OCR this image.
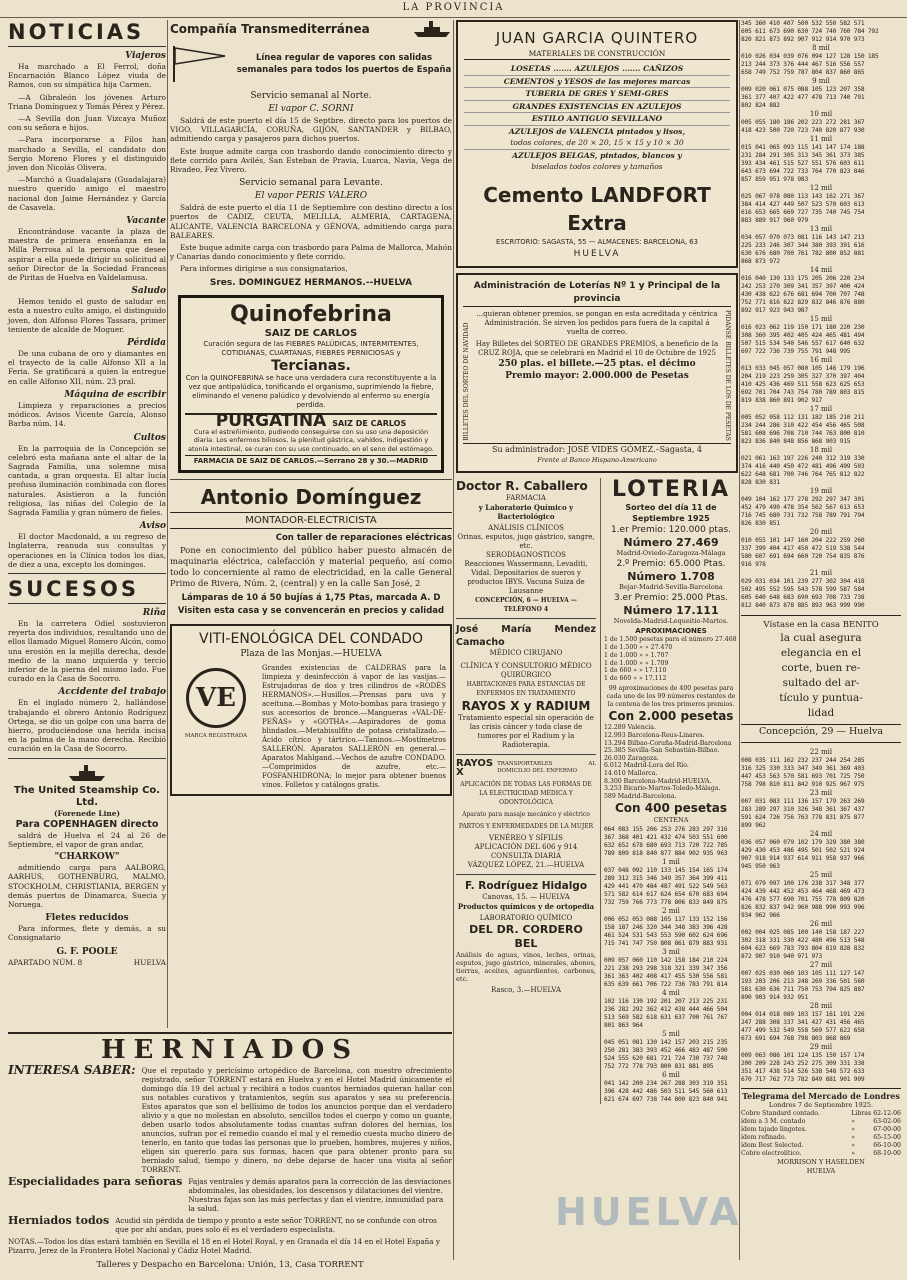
LA PROVINCIA
NOTICIAS
Viajeros
Ha marchado a El Ferrol, doña Encarnación Blanco López viuda de Ramos, con su simpática hija Carmen.
—A Gibraleón los jóvenes Arturo Triana Domínguez y Tomás Pérez y Pérez.
—A Sevilla don Juan Vizcaya Muñoz con su señora e hijos.
—Para incorporarse a Filos han marchado a Sevilla, el candidato don Sergio Moreno Flores y el distinguido joven don Nicolás Olivera.
—Marchó a Guadalajara (Guadalajara) nuestro querido amigo el maestro nacional don Jaime Hernández y García de Casavela.
Vacante
Encontrándose vacante la plaza de maestra de primera enseñanza en la Milla Perrosa al la persona que desee aspirar a ella puede dirigir su solicitud al señor Director de la Sociedad Franceas de Piritas de Huelva en Valdelamusa.
Saludo
Hemos tenido el gusto de saludar en esta a nuestro culto amigo, el distinguido joven, don Alfonso Flores Tassara, primer teniente de alcalde de Moguer.
Pérdida
De una cubana de oro y diamantes en el trayecto de la calle Alfonso XII a la Feria. Se gratificará a quien la entregue en calle Alfonso XII, núm. 23 pral.
Máquina de escribir
Limpieza y reparaciones a precios módicos. Avisos Vicente García, Alonso Barba núm. 14.
Cultos
En la parroquia de la Concepción se celebró esta mañana ante el altar de la Sagrada Familia, una solemne misa cantada, a gran orquesta. El altar lucía profusa iluminación combinada con flores naturales. Asistieron a la función religiosa, las niñas del Colegio de la Sagrada Familia y gran número de fieles.
Aviso
El doctor Macdonald, a su regreso de Inglaterra, reanuda sus consultas y operaciones en la Clínica todos los días, de diez a una, excepto los domingos.
SUCESOS
Riña
En la carretera Odiel sostuvieron reyerta dos individuos, resultando uno de ellos llamado Miguel Romero Alcón, como una erosión en la mejilla derecha, desde medio de la mano izquierda y tercio inferior de la pierna del mismo lado. Fue curado en la Casa de Socorro.
Accidente del trabajo
En el inglado número 2, hallándose trabajando el obrero Antonio Rodríguez Ortega, se dio un golpe con una barra de hierro, produciéndose una herida incisa en la palma de la mano derecha. Recibió curación en la Casa de Socorro.
The United Steamship Co. Ltd.
(Forenede Line)
Para COPENHAGEN directo
saldrá de Huelva el 24 al 26 de Septiembre, el vapor de gran andar,
"CHARKOW"
admitiendo carga para AALBORG, AARHUS, GOTHENBURG, MALMO, STOCKHOLM, CHRISTIANIA, BERGEN y demás puertos de Dinamarca, Suecia y Noruega.
Fletes reducidos
Para informes, flete y demás, a su Consignatario
G. F. POOLE
APARTADO NÚM. 8	HUELVA
Compañía Transmediterránea
Línea regular de vapores con salidas semanales para todos los puertos de España
Servicio semanal al Norte.
El vapor C. SORNI
Saldrá de este puerto el día 15 de Septbre. directo para los puertos de VIGO, VILLAGARCÍA, CORUÑA, GIJÓN, SANTANDER y BILBAO, admitiendo carga y pasajeros para dichos puertos.
Este buque admite carga con trasbordo dando conocimiento directo y flete corrido para Avilés, San Esteban de Pravia, Luarca, Navia, Vega de Rivadeo, Fez Vivero.
Servicio semanal para Levante.
El vapor PERIS VALERO
Saldrá de este puerto el día 11 de Septiembre con destino directo a los puertos de CADIZ, CEUTA, MELILLA, ALMERIA, CARTAGENA, ALICANTE, VALENCIA BARCELONA y GÉNOVA, admitiendo carga para BALEARES.
Este buque admite carga con trasbordo para Palma de Mallorca, Mahón y Canarias dando conocimiento y flete corrido.
Para informes dirigirse a sus consignatarios,
Sres. DOMINGUEZ HERMANOS.--HUELVA
Quinofebrina
SAIZ DE CARLOS
Curación segura de las FIEBRES PALÚDICAS, INTERMITENTES, COTIDIANAS, CUARTANAS, FIEBRES PERNICIOSAS y
Tercianas.
Con la QUINOFEBRINA se hace una verdadera cura reconstituyente a la vez que antipalúdica, tonificando el organismo, suprimiendo la fiebre, eliminando el veneno palúdico y devolviendo al enfermo su energía perdida.
PURGATINA SAIZ DE CARLOS
Cura el estreñimiento, pudiendo conseguirse con su uso una deposición diaria. Los enfermos biliosos, la plenitud gástrica, vahídos, indigestión y atonía intestinal, se curan con su uso continuado, en el seno del estómago.
FARMACIA DE SAIZ DE CARLOS.—Serrano 28 y 30.—MADRID
Antonio Domínguez
MONTADOR-ELECTRICISTA
Con taller de reparaciones eléctricas
Pone en conocimiento del público haber puesto almacén de maquinaria eléctrica, calefacción y material pequeño, así como todo lo concerniente al ramo de electricidad, en la calle General Primo de Rivera, Núm. 2, (central) y en la calle San José, 2
Lámparas de 10 á 50 bujías á 1,75 Ptas, marcada A. D
Visiten esta casa y se convencerán en precios y calidad
VITI-ENOLÓGICA DEL CONDADO
Plaza de las Monjas.—HUELVA
VE
MARCA REGISTRADA
Grandes existencias de CALDERAS para la limpieza y desinfección á vapor de las vasijas.—Estrujadoras de dos y tres cilindros de «RODÉS HERMANOS».—Husillos.—Prensas para uva y aceituna.—Bombas y Moto-bombas para trasiego y sus accesorios de bronce.—Mangueras «VAL-DE-PEÑAS» y «GOTHA».—Aspiradores de goma blindados.—Metabisulfito de potasa cristalizado.—Ácido cítrico y tártrico.—Taninos.—Mostímetros SALLERÓN. Aparatos SALLERÓN en general.—Aparatos Mahlgand.—Vechos de azufre CONDADO.—Comprimidos de azufre, etc.—FOSFANHIDRONA; lo mejor para obtener buenos vinos. Folletos y catálogos gratis.
HERNIADOS
INTERESA SABER: Que el reputado y pericísimo ortopédico de Barcelona, con nuestro ofrecimiento registrado, señor TORRENT estará en Huelva y en el Hotel Madrid únicamente el domingo día 19 del actual y recibirá a todos cuantos herniados quieran hallar con sus notables curativos y tratamientos, según sus aparatos y sea su preferencia. Estos aparatos que son el bellísimo de todos los anuncios porque dan el verdadero alivio y a que no molestan en absoluto, sencillos todos el cuerpo y como un guante, deben usarlo todos absolutamente todas cuantas sufran dolores del hernias, los anuncios, sufran por el remedio cuando el mal y el remedio cuesta mucho dinero de tenerlo, en tanto que todas las personas que lo prueben, hombres, mujeres y niños, eligen sin quererlo para sus formas, hacen que para obtener pronto para su herniado salud, tiempo y dinero, no debe dejarse de hacer una visita al señor TORRENT.
Especialidades para señoras Fajas ventrales y demás aparatos para la corrección de las desviaciones abdominales, las obesidades, los descensos y dilataciones del vientre. Nuestras fajas son las más perfectas y dan el vientre, inmunidad para la salud.
Herniados todos Acudid sin pérdida de tiempo y pronto a este señor TORRENT, no se confunde con otros que por ahí andan, pues solo él es el verdadero especialista.
NOTAS.—Todos los días estará también en Sevilla el 18 en el Hotel Royal, y en Granada el día 14 en el Hotel España y Pizarro, Jerez de la Frontera Hotel Nacional y Cádiz Hotel Madrid.
Talleres y Despacho en Barcelona: Unión, 13, Casa TORRENT
JUAN GARCIA QUINTERO
MATERIALES DE CONSTRUCCIÓN
LOSETAS ....... AZULEJOS ....... CAÑIZOS
CEMENTOS y YESOS de las mejores marcas
TUBERIA DE GRES Y SEMI-GRES
GRANDES EXISTENCIAS EN AZULEJOS
ESTILO ANTIGUO SEVILLANO
AZULEJOS de VALENCIA pintados y lisos,
todos colores, de 20 × 20, 15 × 15 y 10 × 30
AZULEJOS BELGAS, pintados, blancos y
biselados todos colores y tamaños
Cemento LANDFORT Extra
ESCRITORIO: SAGASTA, 55 — ALMACENES: BARCELONA, 63
HUELVA
Administración de Loterías Nº 1 y Principal de la provincia
BILLETES DEL SORTEO DE NAVIDAD
...quieran obtener premios, se pongan en esta acreditada y céntrica Administración. Se sirven los pedidos para fuera de la capital á vuelta de correo.
Hay Billetes del SORTEO DE GRANDES PREMIOS, a beneficio de la CRUZ ROJA, que se celebrará en Madrid el 10 de Octubre de 1925
250 plas. el billete.—25 ptas. el décimo
Premio mayor: 2.000.000 de Pesetas	PIDANSE BILLETES DE LOS DE PESETAS
Su administrador: JOSÉ VIDES GÓMEZ.–Sagasta, 4
Frente al Banco Hispano-Americano
Doctor R. Caballero
FARMACIA
y Laboratorio Químico y Bacteriológico
ANÁLISIS CLÍNICOS
Orinas, esputos, jugo gástrico, sangre, etc.
SERODIAGNOSTICOS
Reacciones Wassermann, Levaditi, Vidal. Depositarios de sueros y productos IBYS. Vacuna Suiza de Lausanne
CONCEPCIÓN, 6 — HUELVA — TELÉFONO 4
José María Mendez Camacho
MÉDICO CIRUJANO
CLÍNICA Y CONSULTORIO MÉDICO QUIRÚRGICO
HABITACIONES PARA ESTANCIAS DE ENFERMOS EN TRATAMIENTO
RAYOS X y RADIUM
Tratamiento especial sin operación de las crisis cáncer y toda clase de tumores por el Radium y la Radioterapia.
RAYOS X
TRANSPORTABLES AL DOMICILIO DEL ENFERMO
APLICACIÓN DE TODAS LAS FORMAS DE LA ELECTRICIDAD MÉDICA Y ODONTOLÓGICA
Aparato para masaje mecánico y eléctrico
PARTOS Y ENFERMEDADES DE LA MUJER
VENÉREO Y SÍFILIS
APLICACIÓN DEL 606 y 914
CONSULTA DIARIA
VÁZQUEZ LÓPEZ, 21.—HUELVA
F. Rodríguez Hidalgo
Canovas, 15. — HUELVA
Productos químicos y de ortopedia
LABORATORIO QUÍMICO
DEL DR. CORDERO BEL
Análisis de aguas, vinos, leches, orinas, esputos, jugo gástrico, minerales, abonos, tierras, aceites, aguardientes, carbones, etc.
Rasco, 3.—HUELVA
LOTERIA
Sorteo del día 11 de Septiembre 1925
1.er Premio: 120.000 ptas.
Número 27.469
Madrid-Oviedo-Zaragoza-Málaga
2.º Premio: 65.000 Ptas.
Número 1.708
Bejar-Madrid-Sevilla-Barcelona
3.er Premio: 25.000 Ptas.
Número 17.111
Novelda-Madrid-Lequeitio-Martos.
APROXIMACIONES
1 de 1.500 pesetas para el número 27.468
1 de 1.500 » » 27.470
1 de 1.000 » » 1.707
1 de 1.000 » » 1.709
1 de 660 » » 17.110
1 de 660 » » 17.112
99 aproximaciones de 400 pesetas para cada uno de los 99 números restantes de la centena de los tres primeros premios.
Con 2.000 pesetas
12.289 Valencia.
12.993 Barcelona-Reus-Linares.
13.294 Bilbao-Coruña-Madrid-Barcelona
25.385 Sevilla-San Sebastián-Bilbao.
26.030 Zaragoza.
6.012 Madrid-Lora del Río.
14.610 Mallorca.
8.300 Barcelona-Madrid-HUELVA.
3.253 Bicario-Martos-Toledo-Málaga.
589 Madrid-Barcelona.
Con 400 pesetas
CENTENA
064 083 155 206 253 276 283 297 316
367 368 401 421 432 474 503 551 600
632 652 678 680 693 713 720 722 785
789 809 818 840 877 884 902 935 963
1 mil
037 048 092 110 133 145 154 165 174
289 312 315 346 349 357 364 399 411
429 441 470 484 487 491 522 549 563
571 582 614 617 624 654 670 683 694
732 759 766 773 778 806 833 849 875
2 mil
006 052 053 088 105 117 133 152 156
158 187 246 320 344 348 383 396 428
461 524 531 543 553 590 602 624 696
715 741 747 750 808 861 879 883 931
3 mil
009 057 060 110 142 158 184 210 224
221 238 293 298 318 321 339 347 356
361 363 402 408 417 455 530 556 581
635 639 661 706 722 736 783 791 814
4 mil
102 116 130 192 201 207 213 225 231
236 282 292 362 412 438 444 466 504
513 569 582 618 631 637 700 761 767
801 863 964
5 mil
045 051 081 130 142 157 203 215 235
250 281 383 393 452 466 483 487 500
524 555 620 681 721 724 730 737 748
752 772 778 793 800 831 881 895
6 mil
041 142 200 234 267 288 303 319 351
396 428 442 486 503 511 545 560 613
621 674 697 738 744 800 823 840 941
345 360 410 407 500 532 550 582 571
605 611 673 690 630 724 740 760 784 792
820 821 873 892 907 912 914 970 973
8 mil
010 026 034 039 076 094 127 128 150 185
213 244 373 376 444 467 516 556 557
658 749 752 759 787 804 837 860 865
9 mil
009 020 061 075 088 105 123 207 358
361 377 407 422 477 478 713 740 791
802 824 882
10 mil
005 055 180 186 202 223 272 281 367
418 423 500 720 723 740 820 877 930
11 mil
015 041 065 093 115 141 147 174 188
231 284 291 305 313 345 361 373 385
393 434 461 515 527 551 576 603 611
643 673 694 722 733 764 770 823 846
857 859 951 978 983
12 mil
025 067 078 080 113 143 162 271 367
384 414 427 449 507 523 570 603 613
616 653 665 669 727 735 740 745 754
883 889 917 960 979
13 mil
034 057 070 073 081 116 143 147 213
225 233 246 307 344 380 393 391 616
630 676 680 700 761 782 800 852 881
868 873 972
14 mil
016 040 130 133 175 205 206 220 234
242 253 270 309 341 357 397 400 424
430 438 622 676 681 694 700 707 748
752 771 816 822 829 832 846 876 880
892 917 923 943 987
15 mil
016 023 062 119 150 171 180 220 230
308 360 395 402 405 424 465 481 494
507 515 534 540 546 557 617 640 632
697 722 736 739 755 791 948 995
16 mil
013 033 045 057 080 105 146 179 196
204 219 223 259 305 327 370 397 404
410 425 436 469 511 558 623 625 653
692 701 704 743 754 780 789 803 815
819 838 860 891 902 917
17 mil
005 052 058 112 131 182 185 210 211
234 244 286 310 422 454 456 465 508
581 608 696 708 710 744 763 800 810
823 836 840 848 856 868 903 915
18 mil
021 061 163 197 226 240 312 319 330
374 416 440 450 472 481 496 499 503
622 648 681 700 746 764 765 812 822
828 830 831
19 mil
049 104 162 177 278 292 297 347 301
452 479 490 478 354 562 567 613 653
716 745 680 731 732 758 789 791 794
826 830 851
20 mil
010 055 101 147 160 204 222 259 260
337 399 404 417 450 472 519 538 544
580 607 691 694 660 720 754 835 876
916 978
21 mil
029 031 034 101 239 277 302 304 418
502 495 552 595 543 578 599 587 584
605 640 648 683 690 693 708 733 738
812 840 873 878 885 893 963 999 990
Vístase en la casa BENITO
la cual asegura
elegancia en el
corte, buen re-
sultado del ar-
tículo y puntua-
lidad
Concepción, 29 — Huelva
22 mil
008 035 111 162 232 237 244 254 285
316 325 330 333 347 349 361 369 403
447 453 563 570 581 693 701 725 750
758 798 810 811 842 910 925 967 975
23 mil
007 031 083 111 136 157 179 263 269
283 289 297 310 326 348 361 367 437
591 624 726 756 763 778 831 875 877
899 962
24 mil
036 057 060 079 102 179 329 380 380
429 430 453 486 495 501 502 521 924
907 918 914 937 614 911 958 937 966
945 950 963
25 mil
071 079 097 100 176 238 317 348 377
424 439 442 452 453 464 468 469 473
476 478 577 690 701 755 778 809 820
826 832 837 942 960 988 990 993 996
934 962 966
26 mil
002 004 025 085 100 140 158 187 227
302 318 331 330 422 480 496 513 548
604 623 669 783 793 804 819 828 832
872 907 910 940 971 973
27 mil
007 025 030 060 103 105 111 127 147
193 203 206 213 248 269 336 501 560
581 630 636 711 750 753 794 825 887
890 903 914 932 951
28 mil
004 014 018 089 103 157 161 191 226
247 288 308 337 341 427 431 456 465
477 499 532 549 558 569 577 622 658
673 691 694 768 798 803 868 869
29 mil
009 063 086 101 124 135 150 157 174
200 209 228 243 252 275 309 331 338
351 417 438 514 526 538 548 572 633
670 717 762 773 782 849 881 901 909
Telegrama del Mercado de Londres
Londres 7 de Septiembre 1925.
Cobre Standard contado.	Libras 62-12-06
ídem a 3 M. contado	»	63-02-06
ídem tajado lingotes.	»	67-00-00
ídem refinado.	»	65-15-00
ídem Best Selected.	»	66-10-00
Cobre electrolítico.	»	68-10-00
MORRISON Y HASELDEN
HUELVA
HUELVA
